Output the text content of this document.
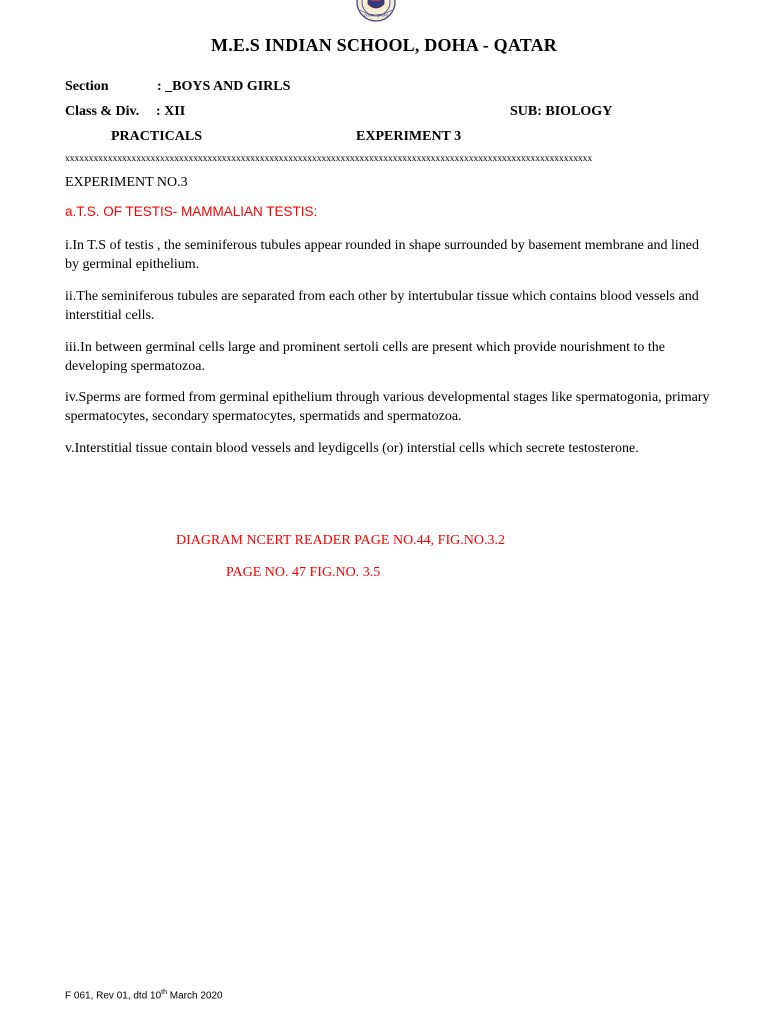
DOHA - QATAR
M.E.S INDIAN SCHOOL, DOHA - QATAR
Section	: _BOYS AND GIRLS
Class & Div. : XII	SUB: BIOLOGY
PRACTICALS	EXPERIMENT 3
xxxxxxxxxxxxxxxxxxxxxxxxxxxxxxxxxxxxxxxxxxxxxxxxxxxxxxxxxxxxxxxxxxxxxxxxxxxxxxxxxxxxxxxxxxxxxxxxxxxxxxxxxxxxxxx
EXPERIMENT NO.3
a.T.S. OF TESTIS- MAMMALIAN TESTIS:
i.In T.S of testis , the seminiferous tubules appear rounded in shape surrounded by basement membrane and lined by germinal epithelium.
ii.The seminiferous tubules are separated from each other by intertubular tissue which contains blood vessels and interstitial cells.
iii.In between germinal cells large and prominent sertoli cells are present which provide nourishment to the developing spermatozoa.
iv.Sperms are formed from germinal epithelium through various developmental stages like spermatogonia, primary spermatocytes, secondary spermatocytes, spermatids and spermatozoa.
v.Interstitial tissue contain blood vessels and leydigcells (or) interstial cells which secrete testosterone.
DIAGRAM NCERT READER PAGE NO.44, FIG.NO.3.2
PAGE NO. 47 FIG.NO. 3.5
F 061, Rev 01, dtd 10th March 2020
